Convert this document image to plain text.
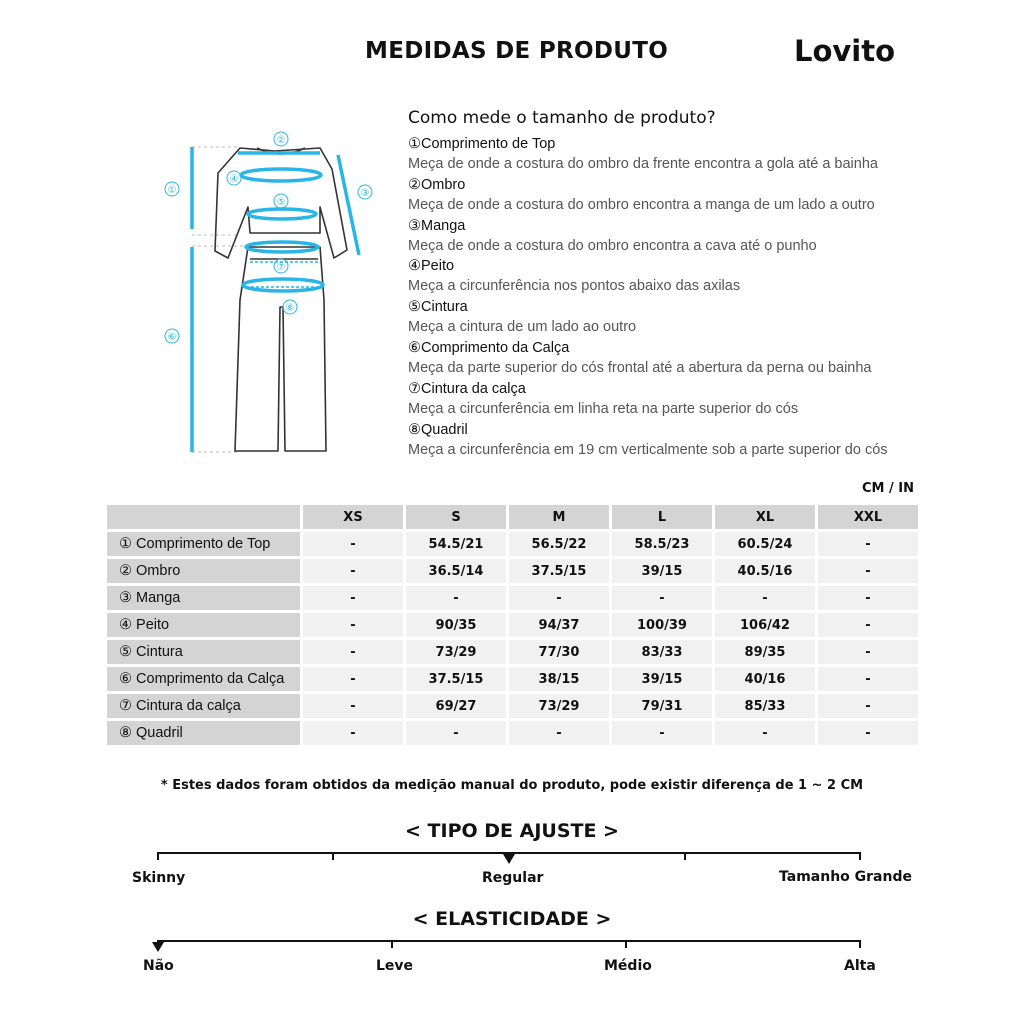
MEDIDAS DE PRODUTO	Lovito
①
②
③
④
⑤
⑥
⑦
⑧
Como mede o tamanho de produto?
①Comprimento de Top
Meça de onde a costura do ombro da frente encontra a gola até a bainha
②Ombro
Meça de onde a costura do ombro encontra a manga de um lado a outro
③Manga
Meça de onde a costura do ombro encontra a cava até o punho
④Peito
Meça a circunferência nos pontos abaixo das axilas
⑤Cintura
Meça a cintura de um lado ao outro
⑥Comprimento da Calça
Meça da parte superior do cós frontal até a abertura da perna ou bainha
⑦Cintura da calça
Meça a circunferência em linha reta na parte superior do cós
⑧Quadril
Meça a circunferência em 19 cm verticalmente sob a parte superior do cós
CM / IN
	XS	S	M	L	XL	XXL
① Comprimento de Top	-	54.5/21	56.5/22	58.5/23	60.5/24	-
② Ombro	-	36.5/14	37.5/15	39/15	40.5/16	-
③ Manga	-	-	-	-	-	-
④ Peito	-	90/35	94/37	100/39	106/42	-
⑤ Cintura	-	73/29	77/30	83/33	89/35	-
⑥ Comprimento da Calça	-	37.5/15	38/15	39/15	40/16	-
⑦ Cintura da calça	-	69/27	73/29	79/31	85/33	-
⑧ Quadril	-	-	-	-	-	-
* Estes dados foram obtidos da medição manual do produto, pode existir diferença de 1 ~ 2 CM
< TIPO DE AJUSTE >
Skinny	Regular	Tamanho Grande
< ELASTICIDADE >
Não	Leve	Médio	Alta
